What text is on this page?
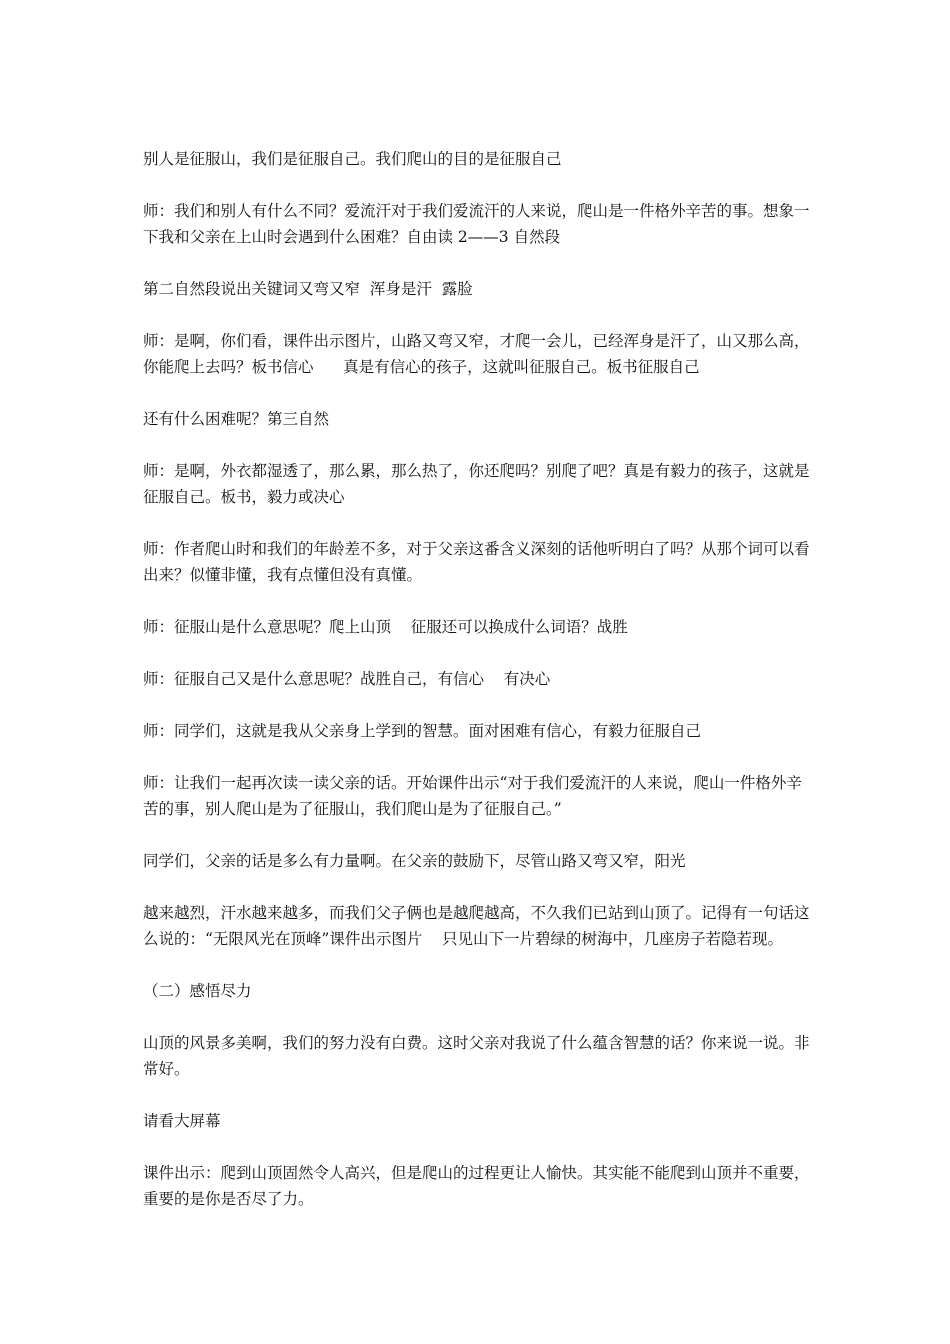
别人是征服山，我们是征服自己。我们爬山的目的是征服自己

师：我们和别人有什么不同？爱流汗对于我们爱流汗的人来说，爬山是一件格外辛苦的事。想象一下我和父亲在上山时会遇到什么困难？自由读 2——3 自然段

第二自然段说出关键词又弯又窄  浑身是汗  露脸

师：是啊，你们看，课件出示图片，山路又弯又窄，才爬一会儿，已经浑身是汗了，山又那么高，你能爬上去吗？板书信心      真是有信心的孩子，这就叫征服自己。板书征服自己

还有什么困难呢？第三自然

师：是啊，外衣都湿透了，那么累，那么热了，你还爬吗？别爬了吧？真是有毅力的孩子，这就是征服自己。板书，毅力或决心

师：作者爬山时和我们的年龄差不多，对于父亲这番含义深刻的话他听明白了吗？从那个词可以看出来？似懂非懂，我有点懂但没有真懂。

师：征服山是什么意思呢？爬上山顶    征服还可以换成什么词语？战胜

师：征服自己又是什么意思呢？战胜自己，有信心    有决心

师：同学们，这就是我从父亲身上学到的智慧。面对困难有信心，有毅力征服自己

师：让我们一起再次读一读父亲的话。开始课件出示“对于我们爱流汗的人来说，爬山一件格外辛苦的事，别人爬山是为了征服山，我们爬山是为了征服自己。”

同学们，父亲的话是多么有力量啊。在父亲的鼓励下，尽管山路又弯又窄，阳光

越来越烈，汗水越来越多，而我们父子俩也是越爬越高，不久我们已站到山顶了。记得有一句话这么说的：“无限风光在顶峰”课件出示图片    只见山下一片碧绿的树海中，几座房子若隐若现。

（二）感悟尽力

山顶的风景多美啊，我们的努力没有白费。这时父亲对我说了什么蕴含智慧的话？你来说一说。非常好。

请看大屏幕

课件出示：爬到山顶固然令人高兴，但是爬山的过程更让人愉快。其实能不能爬到山顶并不重要，重要的是你是否尽了力。
